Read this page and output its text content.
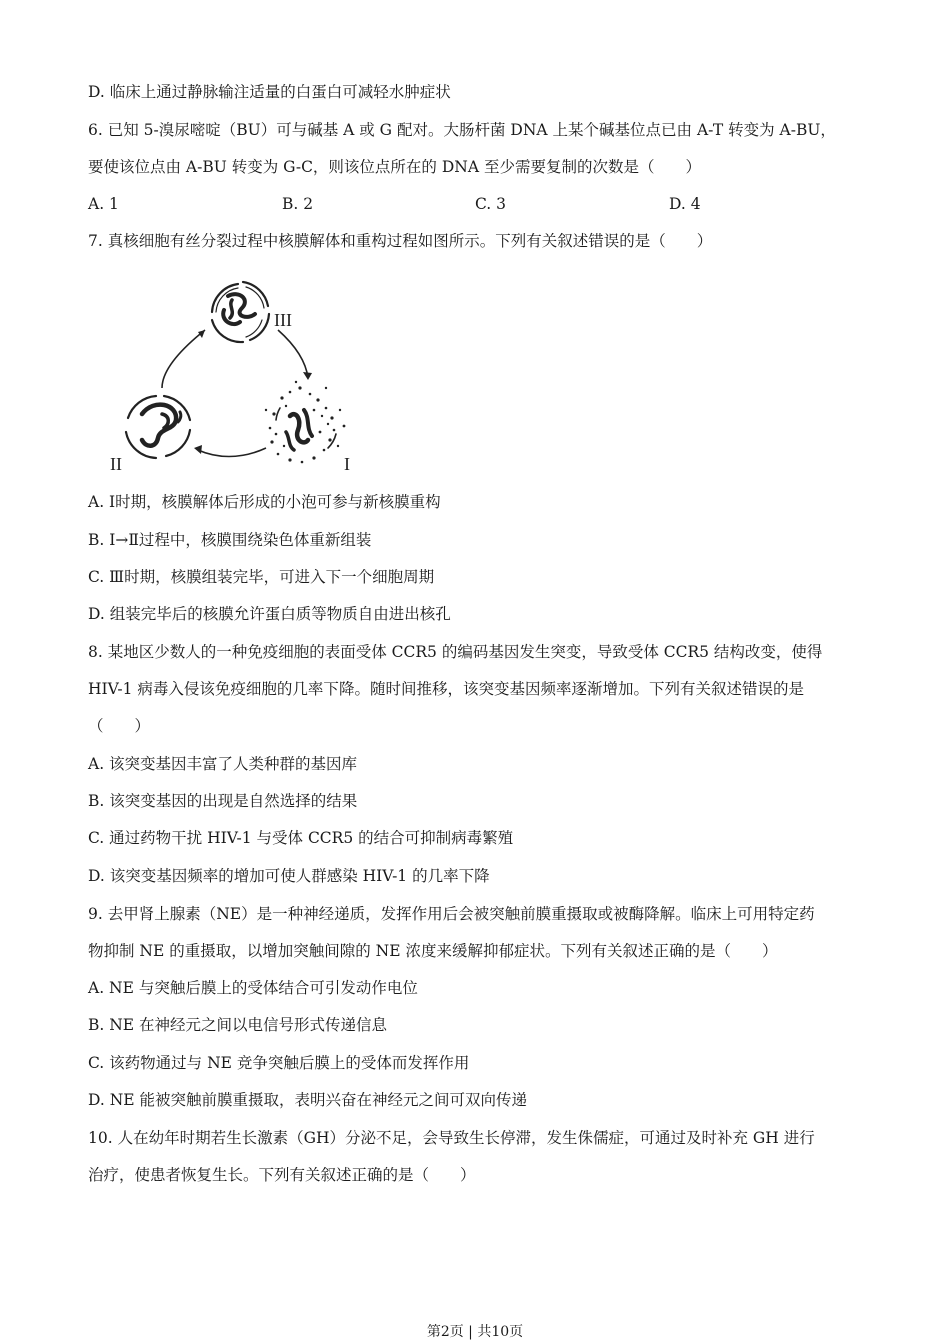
D. 临床上通过静脉输注适量的白蛋白可减轻水肿症状
6. 已知 5-溴尿嘧啶（BU）可与碱基 A 或 G 配对。大肠杆菌 DNA 上某个碱基位点已由 A-T 转变为 A-BU，
要使该位点由 A-BU 转变为 G-C，则该位点所在的 DNA 至少需要复制的次数是（　　）
A. 1	B. 2	C. 3	D. 4
7. 真核细胞有丝分裂过程中核膜解体和重构过程如图所示。下列有关叙述错误的是（　　）
III
II	I
A. Ⅰ时期，核膜解体后形成的小泡可参与新核膜重构
B. Ⅰ→Ⅱ过程中，核膜围绕染色体重新组装
C. Ⅲ时期，核膜组装完毕，可进入下一个细胞周期
D. 组装完毕后的核膜允许蛋白质等物质自由进出核孔
8. 某地区少数人的一种免疫细胞的表面受体 CCR5 的编码基因发生突变，导致受体 CCR5 结构改变，使得
HIV-1 病毒入侵该免疫细胞的几率下降。随时间推移，该突变基因频率逐渐增加。下列有关叙述错误的是
（　　）
A. 该突变基因丰富了人类种群的基因库
B. 该突变基因的出现是自然选择的结果
C. 通过药物干扰 HIV-1 与受体 CCR5 的结合可抑制病毒繁殖
D. 该突变基因频率的增加可使人群感染 HIV-1 的几率下降
9. 去甲肾上腺素（NE）是一种神经递质，发挥作用后会被突触前膜重摄取或被酶降解。临床上可用特定药
物抑制 NE 的重摄取，以增加突触间隙的 NE 浓度来缓解抑郁症状。下列有关叙述正确的是（　　）
A. NE 与突触后膜上的受体结合可引发动作电位
B. NE 在神经元之间以电信号形式传递信息
C. 该药物通过与 NE 竞争突触后膜上的受体而发挥作用
D. NE 能被突触前膜重摄取，表明兴奋在神经元之间可双向传递
10. 人在幼年时期若生长激素（GH）分泌不足，会导致生长停滞，发生侏儒症，可通过及时补充 GH 进行
治疗，使患者恢复生长。下列有关叙述正确的是（　　）
第2页 | 共10页
